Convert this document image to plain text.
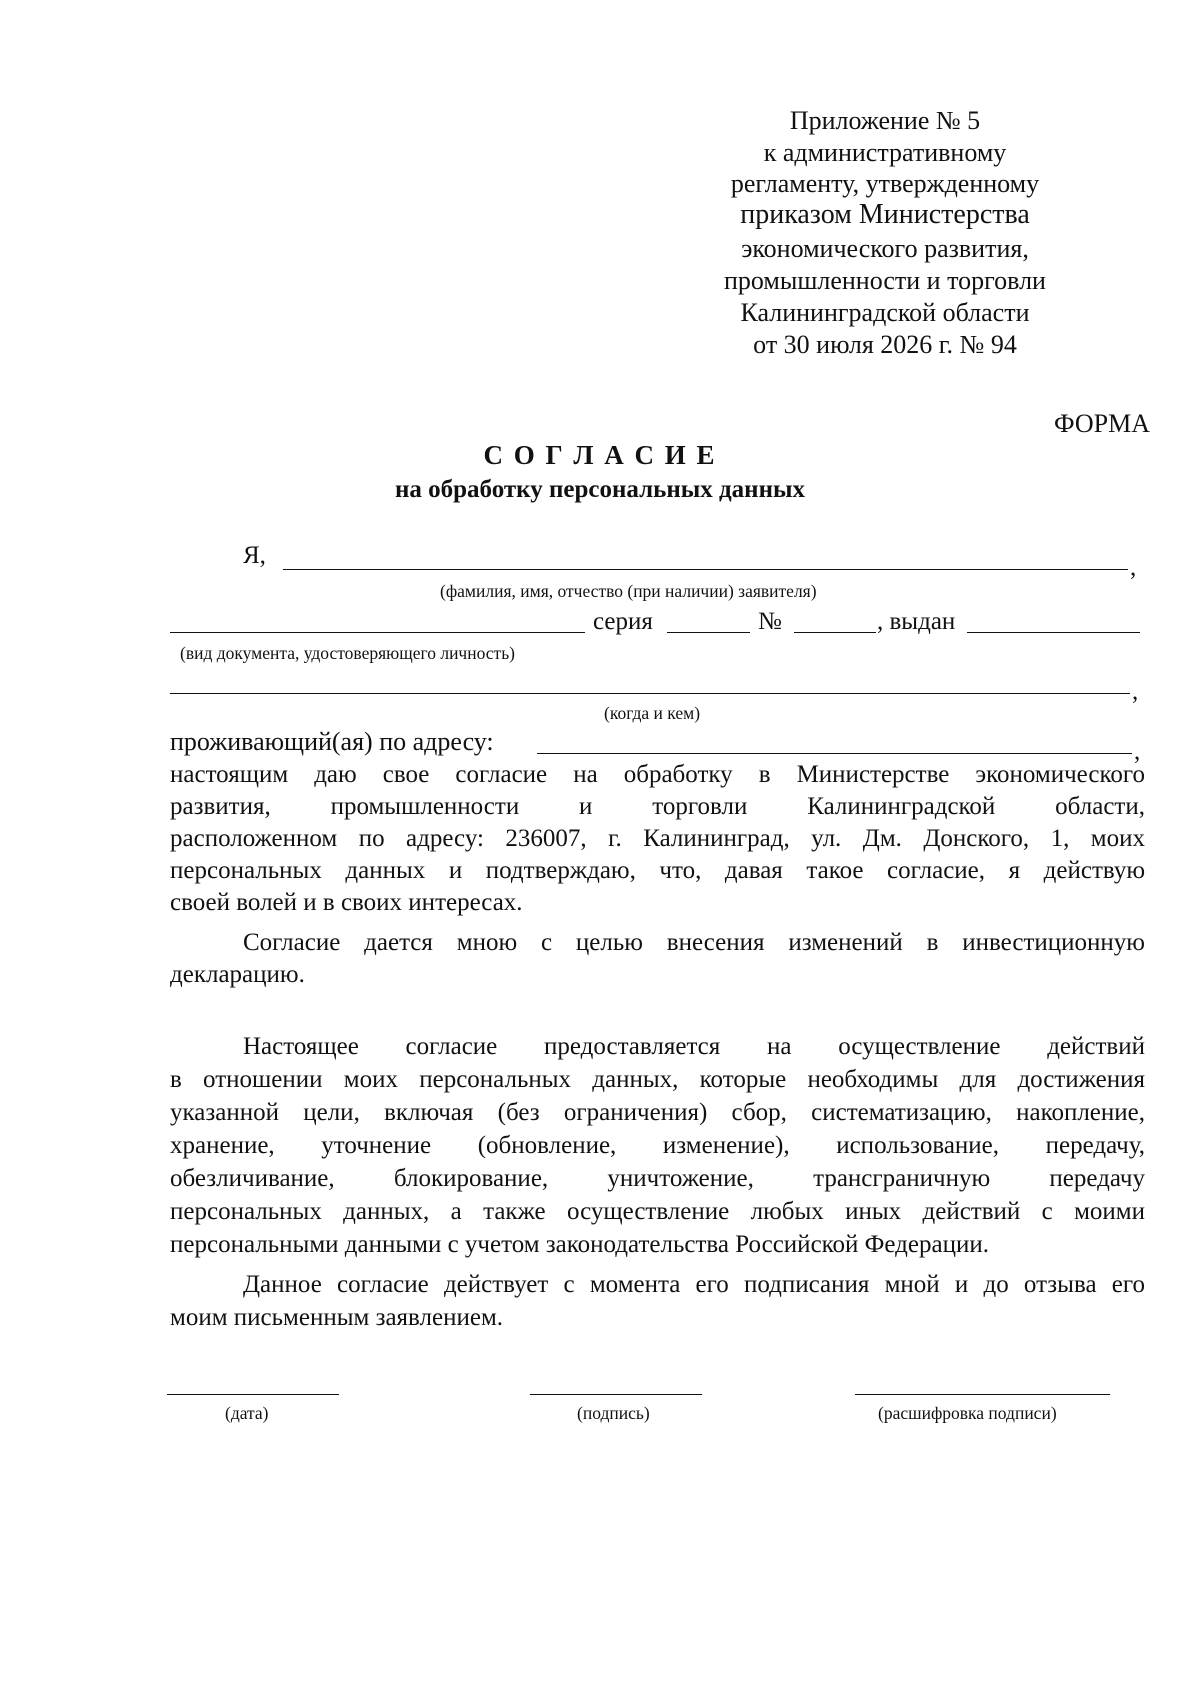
Приложение № 5
к административному
регламенту, утвержденному
приказом Министерства
экономического развития,
промышленности и торговли
Калининградской области
от 30 июля 2026 г. № 94
ФОРМА
С О Г Л А С И Е
на обработку персональных данных
Я,	,
(фамилия, имя, отчество (при наличии) заявителя)
серия	№	, выдан
(вид документа, удостоверяющего личность)
,
(когда и кем)
проживающий(ая) по адресу:	,
настоящим даю свое согласие на обработку в Министерстве экономического
развития, промышленности и торговли Калининградской области,
расположенном по адресу: 236007, г. Калининград, ул. Дм. Донского, 1, моих
персональных данных и подтверждаю, что, давая такое согласие, я действую
своей волей и в своих интересах.
Согласие дается мною с целью внесения изменений в инвестиционную
декларацию.
Настоящее согласие предоставляется на осуществление действий
в отношении моих персональных данных, которые необходимы для достижения
указанной цели, включая (без ограничения) сбор, систематизацию, накопление,
хранение, уточнение (обновление, изменение), использование, передачу,
обезличивание, блокирование, уничтожение, трансграничную передачу
персональных данных, а также осуществление любых иных действий с моими
персональными данными с учетом законодательства Российской Федерации.
Данное согласие действует с момента его подписания мной и до отзыва его
моим письменным заявлением.
(дата)	(подпись)	(расшифровка подписи)
